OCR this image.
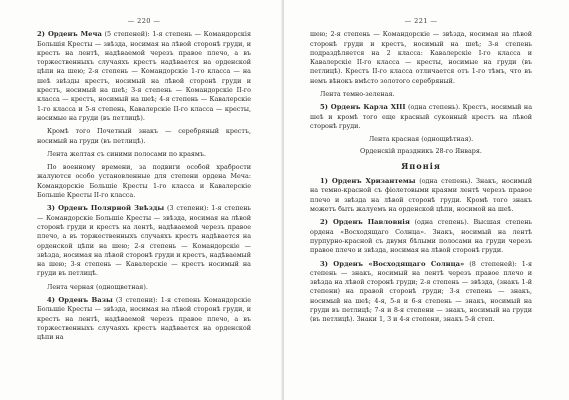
— 220 —

2) Орденъ Меча (5 степеней): 1-я степень — Командорскiя Большiя Кресты — звѣзда, носимая на лѣвой сторонѣ груди, и крестъ на лентѣ, надѣваемой черезъ правое плечо, а въ торжественныхъ случаяхъ крестъ надѣвается на орденской цѣпи на шею; 2-я степень — Командорскiе 1-го класса — на шеѣ звѣзды крестъ, носимый на лѣвой сторонѣ груди и крестъ, носимый на шеѣ; 3-я степень — Командорскiе II-го класса — крестъ, носимый на шеѣ; 4-я степень — Кавалерскiе 1-го класса и 5-я степень, Кавалерскiе II-го класса — кресты, носимые на груди (въ петлицѣ).

Кромѣ того Почетный знакъ — серебряный крестъ, носимый на груди (въ петлицѣ).

Лента желтая съ синими полосами по краямъ.

По военному времени, за подвиги особой храбрости жалуются особо установленные для степени ордена Меча: Командорскiе Большiе Кресты 1-го класса и Кавалерскiе Большiе Кресты II-го класса.

3) Орденъ Полярной Звѣзды (3 степени): 1-я степень — Командорскiе Большiе Кресты — звѣзда, носимая на лѣвой сторонѣ груди и крестъ на лентѣ, надѣваемой черезъ правое плечо, а въ торжественныхъ случаяхъ крестъ надѣвается на орденской цѣпи на шею; 2-я степень — Командорскiе — звѣзда, носимая на лѣвой сторонѣ груди и крестъ, надѣваемый на шею; 3-я степень — Кавалерскiе — крестъ носимый на груди въ петлицѣ.

Лента черная (однощветная).

4) Орденъ Вазы (3 степени): 1-я степень Командорскiе Большiе Кресты — звѣзда, носимая на лѣвой сторонѣ груди, и крестъ на лентѣ, надѣваемой черезъ правое плечо, а въ торжественныхъ случаяхъ крестъ надѣвается на орденской цѣпи на

— 221 —

шею; 2-я степень — Командорскiе — звѣзда, носимая на лѣвой сторонѣ груди и крестъ, носимый на шеѣ; 3-я степень подраздѣляется на 2 класса: Кавалерскiе I-го класса и Кавалерскiе II-го класса — кресты, носимые на груди (въ петлицѣ). Крестъ II-го класса отличается отъ 1-го тѣмъ, что въ немъ вѣнокъ вмѣсто золотого серебряный.

Лента темно-зеленая.

5) Орденъ Карла XIII (одна степень). Крестъ, носимый на шеѣ и кромѣ того еще красный суконный крестъ на лѣвой сторонѣ груди.

Лента красная (однощвѣтная).

Орденскiй праздникъ 28-го Января.

Японiя

1) Орденъ Хризантемы (одна степень). Знакъ, носимый на темно-красной съ фiолетовыми краями лентѣ черезъ правое плечо и звѣзда на лѣвой сторонѣ груди. Кромѣ того знакъ можетъ быть жалуемъ на орденской цѣпи, носимой на шеѣ.

2) Орденъ Павловнiя (одна степень). Высшая степень ордена «Восходящаго Солнца». Знакъ, носимый на лентѣ пурпурно-красной съ двумя бѣлыми полосами на груди черезъ правое плечо и звѣзда, носимая на лѣвой сторонѣ груди.

3) Орденъ «Восходящаго Солнца» (8 степеней): 1-я степень — знакъ, носимый на лентѣ черезъ правое плечо и звѣзда на лѣвой сторонѣ груди; 2-я степень — звѣзда, (знакъ 1-й степени) на правой сторонѣ груди; 3-я степень — знакъ, носимый на шеѣ; 4-я, 5-я и 6-я степень — знакъ, носимый на груди въ петлицѣ; 7-я и 8-я степени — знакъ, носимый на груди (въ петлицѣ). Знаки 1, 3 и 4-я степени, знакъ 5-й степ.
